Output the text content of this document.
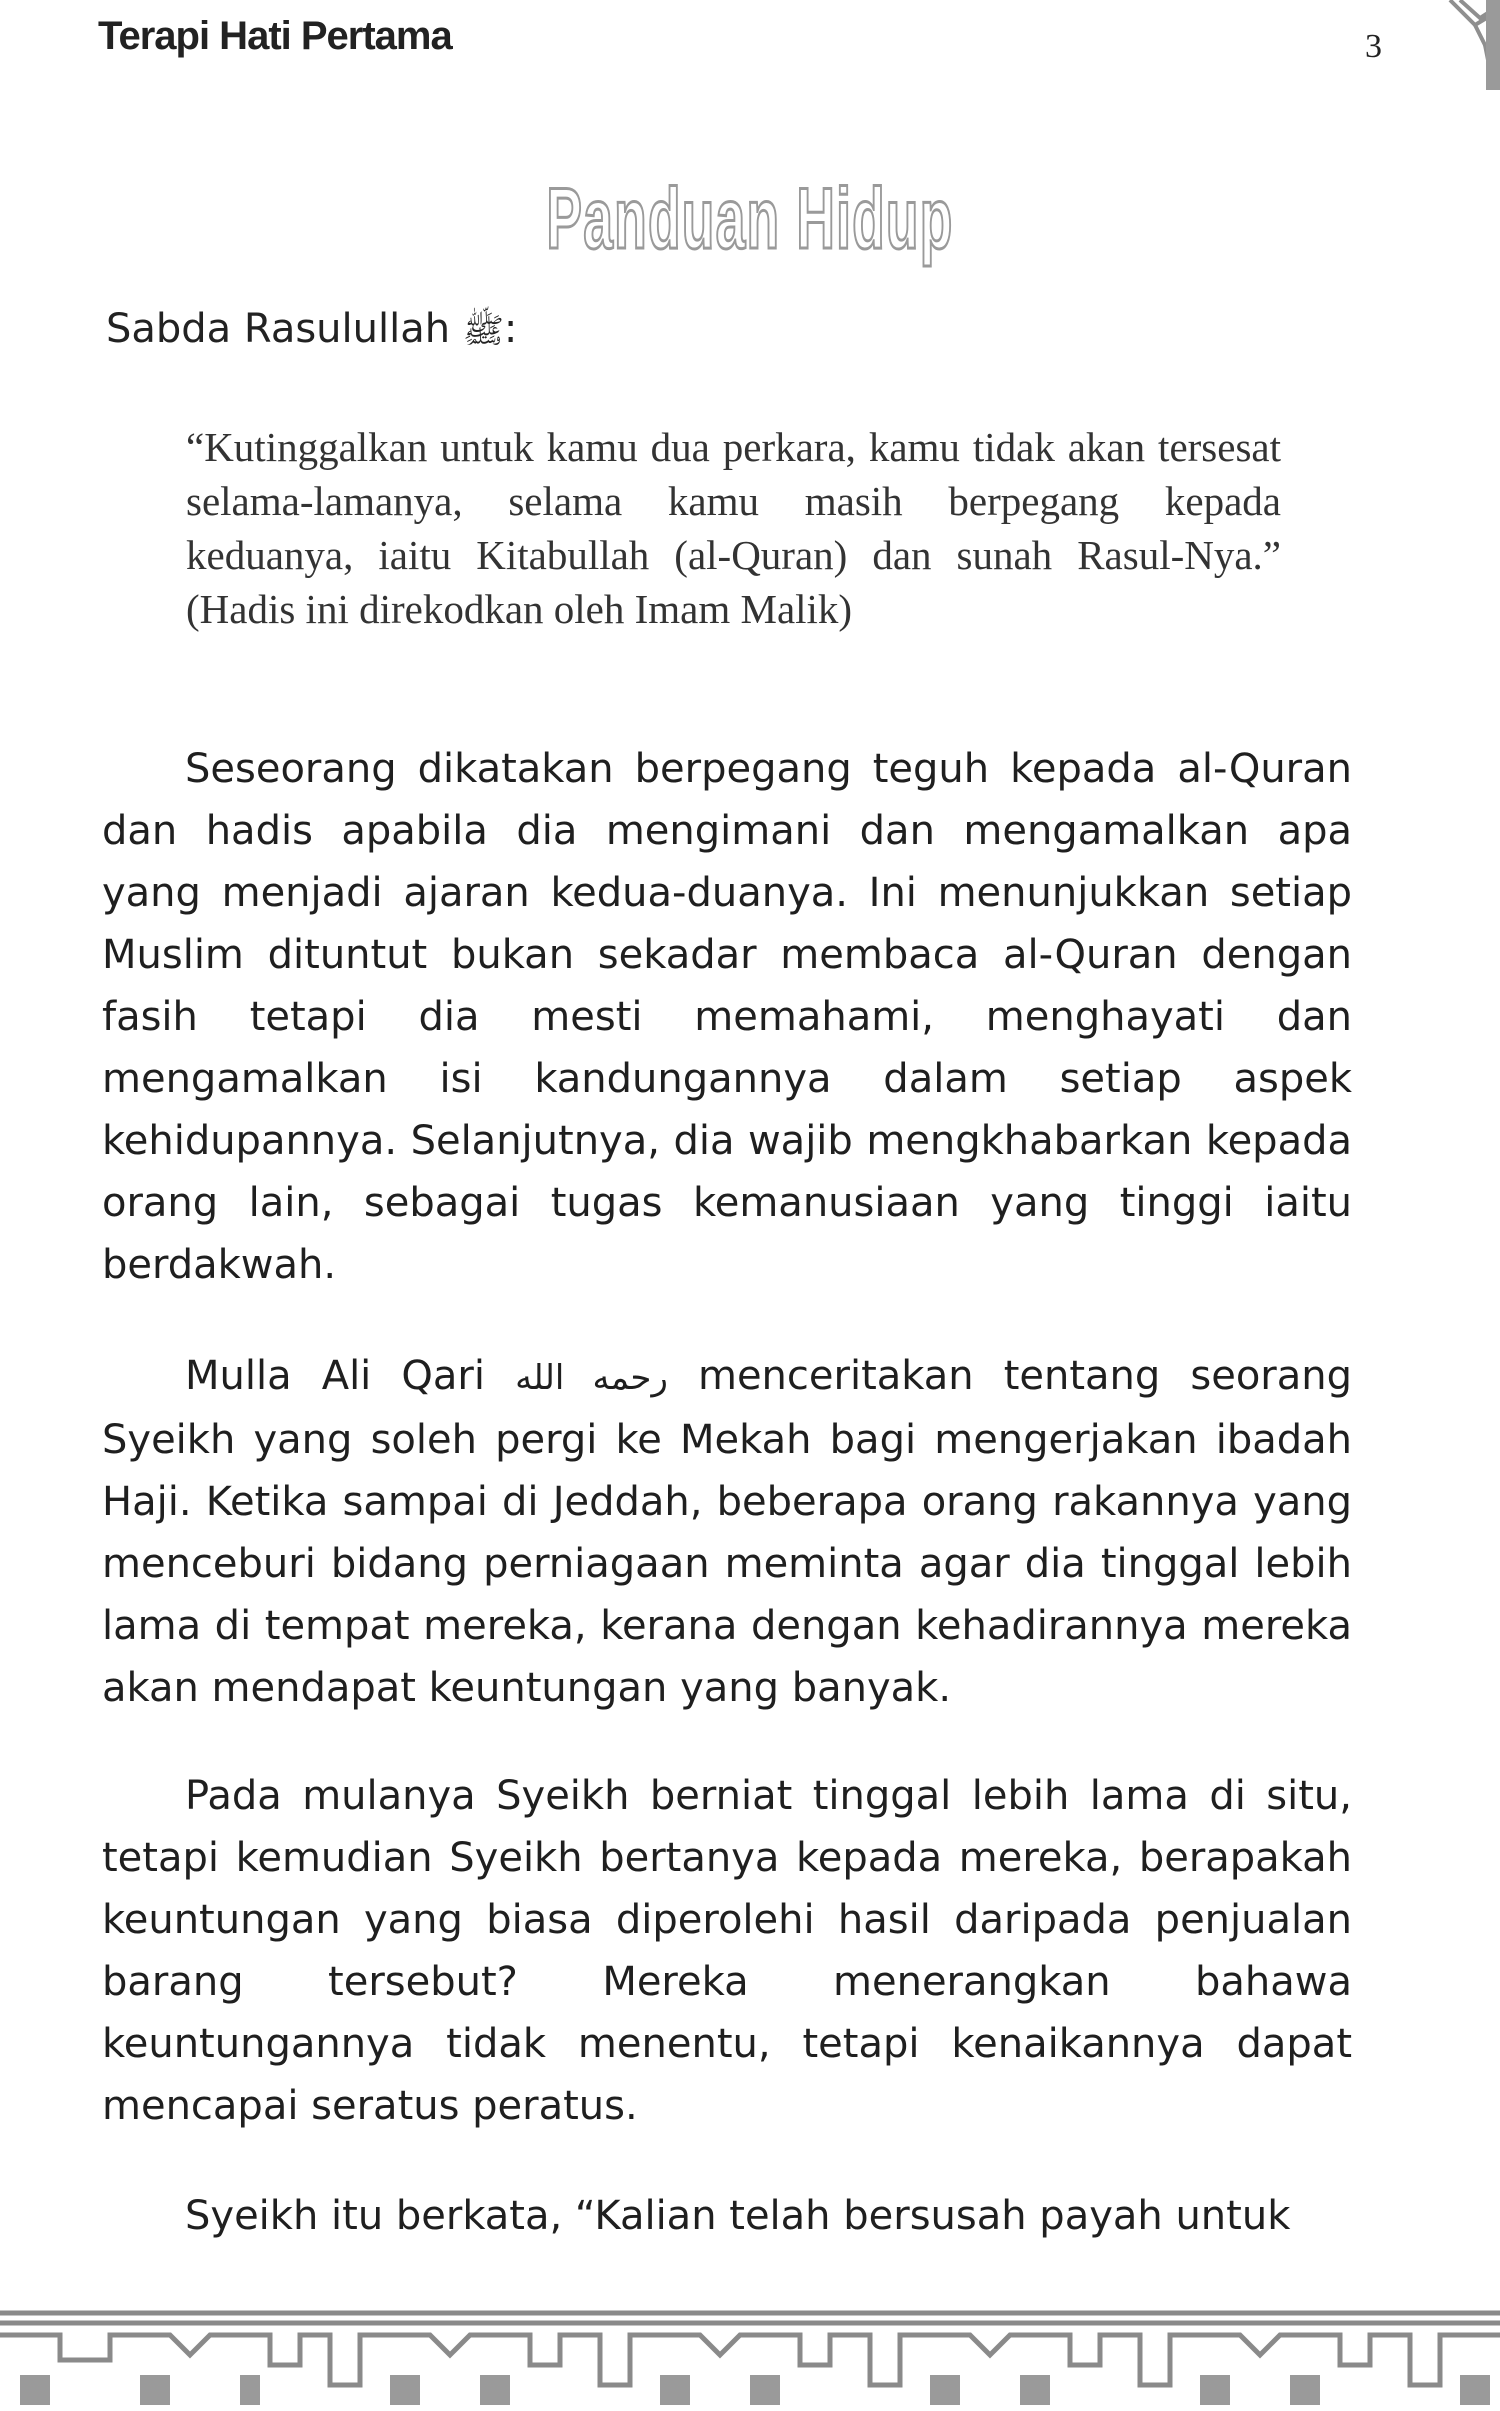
Terapi Hati Pertama	3
Panduan Hidup
Sabda Rasulullah ﷺ:
“Kutinggalkan untuk kamu dua perkara, kamu tidak akan tersesat selama-lamanya, selama kamu masih berpegang kepada keduanya, iaitu Kitabullah (al-Quran) dan sunah Rasul-Nya.” (Hadis ini direkodkan oleh Imam Malik)
Seseorang dikatakan berpegang teguh kepada al-Quran dan hadis apabila dia mengimani dan mengamalkan apa yang menjadi ajaran kedua-duanya. Ini menunjukkan setiap Muslim dituntut bukan sekadar membaca al-Quran dengan fasih tetapi dia mesti memahami, menghayati dan mengamalkan isi kandungannya dalam setiap aspek kehidupannya. Selanjutnya, dia wajib mengkhabarkan kepada orang lain, sebagai tugas kemanusiaan yang tinggi iaitu berdakwah.
Mulla Ali Qari رحمه الله menceritakan tentang seorang Syeikh yang soleh pergi ke Mekah bagi mengerjakan ibadah Haji. Ketika sampai di Jeddah, beberapa orang rakannya yang menceburi bidang perniagaan meminta agar dia tinggal lebih lama di tempat mereka, kerana dengan kehadirannya mereka akan mendapat keuntungan yang banyak.
Pada mulanya Syeikh berniat tinggal lebih lama di situ, tetapi kemudian Syeikh bertanya kepada mereka, berapakah keuntungan yang biasa diperolehi hasil daripada penjualan barang tersebut? Mereka menerangkan bahawa keuntungannya tidak menentu, tetapi kenaikannya dapat mencapai seratus peratus.
Syeikh itu berkata, “Kalian telah bersusah payah untuk
